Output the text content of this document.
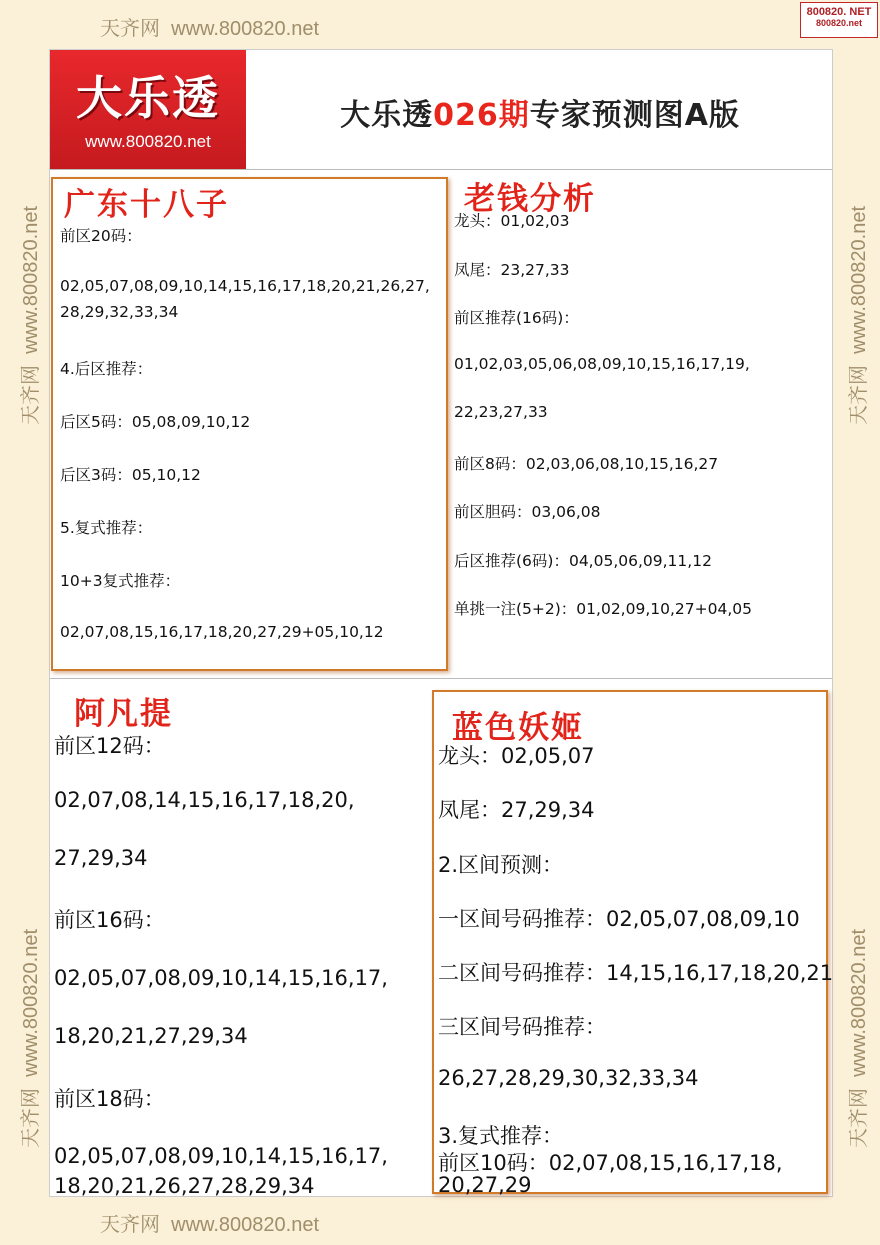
天齐网 www.800820.net
天齐网 www.800820.net
天齐网  www.800820.net
天齐网  www.800820.net
天齐网  www.800820.net
天齐网  www.800820.net
800820. NET
800820.net
大乐透
www.800820.net
大乐透026期专家预测图A版
广东十八子
前区20码：
02,05,07,08,09,10,14,15,16,17,18,20,21,26,27,
28,29,32,33,34
4.后区推荐：
后区5码：05,08,09,10,12
后区3码：05,10,12
5.复式推荐：
10+3复式推荐：
02,07,08,15,16,17,18,20,27,29+05,10,12
老钱分析
龙头：01,02,03
凤尾：23,27,33
前区推荐(16码)：
01,02,03,05,06,08,09,10,15,16,17,19,
22,23,27,33
前区8码：02,03,06,08,10,15,16,27
前区胆码：03,06,08
后区推荐(6码)：04,05,06,09,11,12
单挑一注(5+2)：01,02,09,10,27+04,05
阿凡提
前区12码：
02,07,08,14,15,16,17,18,20,
27,29,34
前区16码：
02,05,07,08,09,10,14,15,16,17,
18,20,21,27,29,34
前区18码：
02,05,07,08,09,10,14,15,16,17,
18,20,21,26,27,28,29,34
蓝色妖姬
龙头：02,05,07
凤尾：27,29,34
2.区间预测：
一区间号码推荐：02,05,07,08,09,10
二区间号码推荐：14,15,16,17,18,20,21
三区间号码推荐：
26,27,28,29,30,32,33,34
3.复式推荐：
前区10码：02,07,08,15,16,17,18,
20,27,29
